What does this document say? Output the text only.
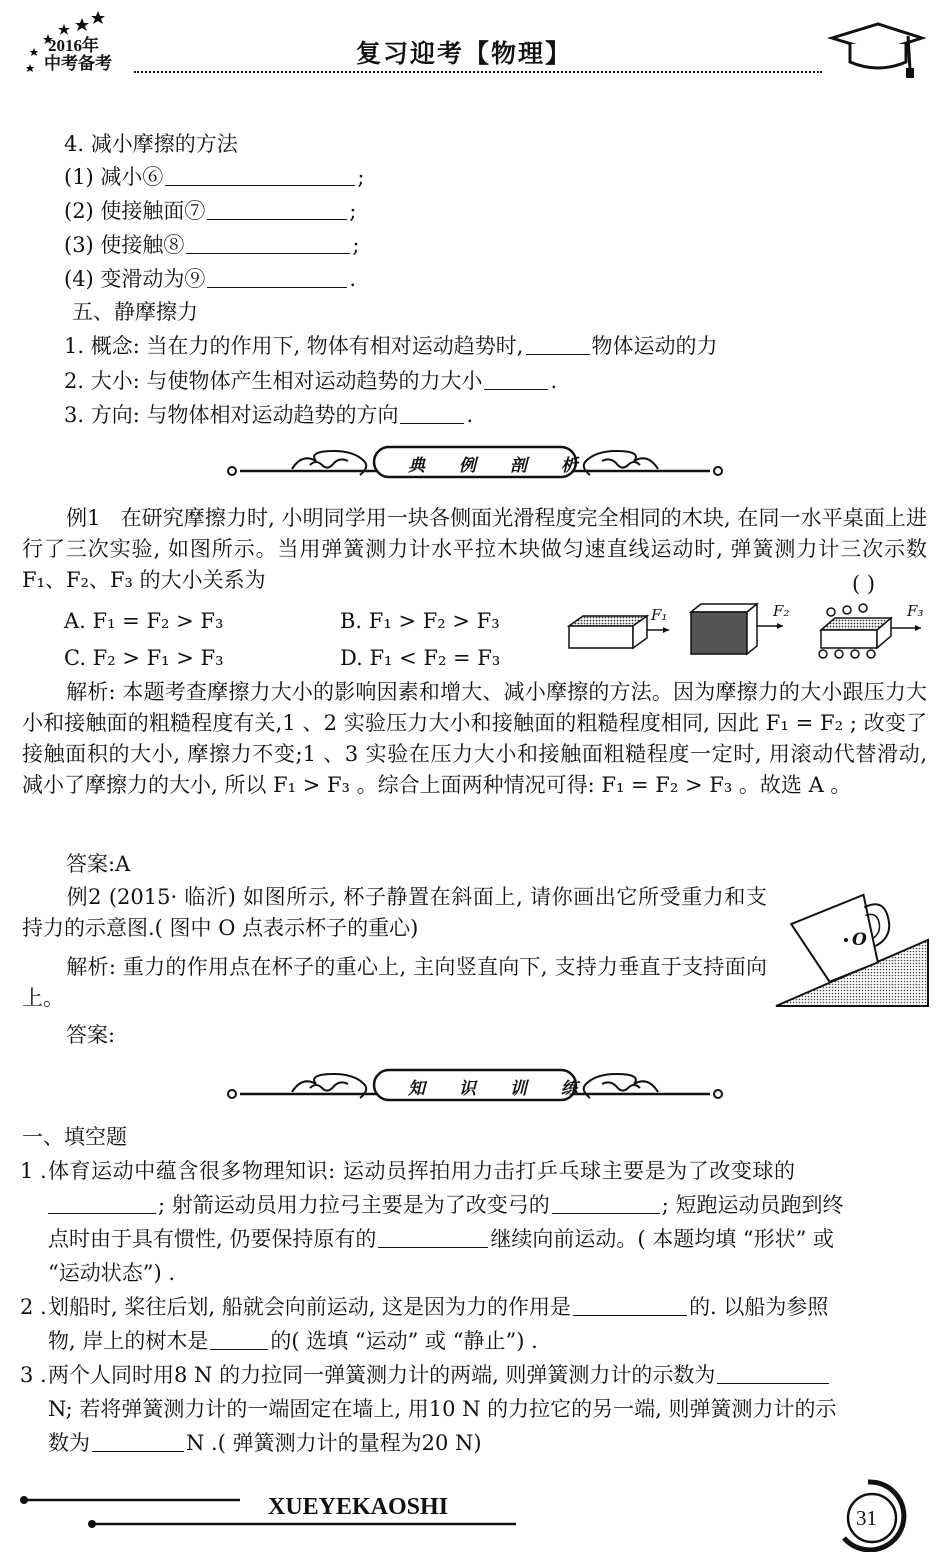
2016年
中考备考	复习迎考【物理】
4. 减小摩擦的方法
(1) 减小⑥	;
(2) 使接触面⑦	;
(3) 使接触⑧	;
(4) 变滑动为⑨	.
五、静摩擦力
1. 概念: 当在力的作用下, 物体有相对运动趋势时,	物体运动的力
2. 大小: 与使物体产生相对运动趋势的力大小	.
3. 方向: 与物体相对运动趋势的方向	.
典 例 剖 析
例1 在研究摩擦力时, 小明同学用一块各侧面光滑程度完全相同的木块, 在同一水平桌面上进行了三次实验, 如图所示。当用弹簧测力计水平拉木块做匀速直线运动时, 弹簧测力计三次示数 F₁、F₂、F₃ 的大小关系为	( )
A. F₁ = F₂ > F₃	B. F₁ > F₂ > F₃
C. F₂ > F₁ > F₃	D. F₁ < F₂ = F₃
F₁	F₂	F₃
解析: 本题考查摩擦力大小的影响因素和增大、减小摩擦的方法。因为摩擦力的大小跟压力大小和接触面的粗糙程度有关,1 、2 实验压力大小和接触面的粗糙程度相同, 因此 F₁ = F₂ ; 改变了接触面积的大小, 摩擦力不变;1 、3 实验在压力大小和接触面粗糙程度一定时, 用滚动代替滑动, 减小了摩擦力的大小, 所以 F₁ > F₃ 。综合上面两种情况可得: F₁ = F₂ > F₃ 。故选 A 。
答案:A
例2 (2015· 临沂) 如图所示, 杯子静置在斜面上, 请你画出它所受重力和支持力的示意图.( 图中 O 点表示杯子的重心)
解析: 重力的作用点在杯子的重心上, 主向竖直向下, 支持力垂直于支持面向上。
答案:
O
知 识 训 练
一、填空题
1 . 体育运动中蕴含很多物理知识: 运动员挥拍用力击打乒乓球主要是为了改变球的
; 射箭运动员用力拉弓主要是为了改变弓的	; 短跑运动员跑到终
点时由于具有惯性, 仍要保持原有的	继续向前运动。( 本题均填 “形状” 或
“运动状态”) .
2 . 划船时, 桨往后划, 船就会向前运动, 这是因为力的作用是	的. 以船为参照
物, 岸上的树木是	的( 选填 “运动” 或 “静止”) .
3 . 两个人同时用8 N 的力拉同一弹簧测力计的两端, 则弹簧测力计的示数为
N; 若将弹簧测力计的一端固定在墙上, 用10 N 的力拉它的另一端, 则弹簧测力计的示
数为	N .( 弹簧测力计的量程为20 N)
XUEYEKAOSHI	31
